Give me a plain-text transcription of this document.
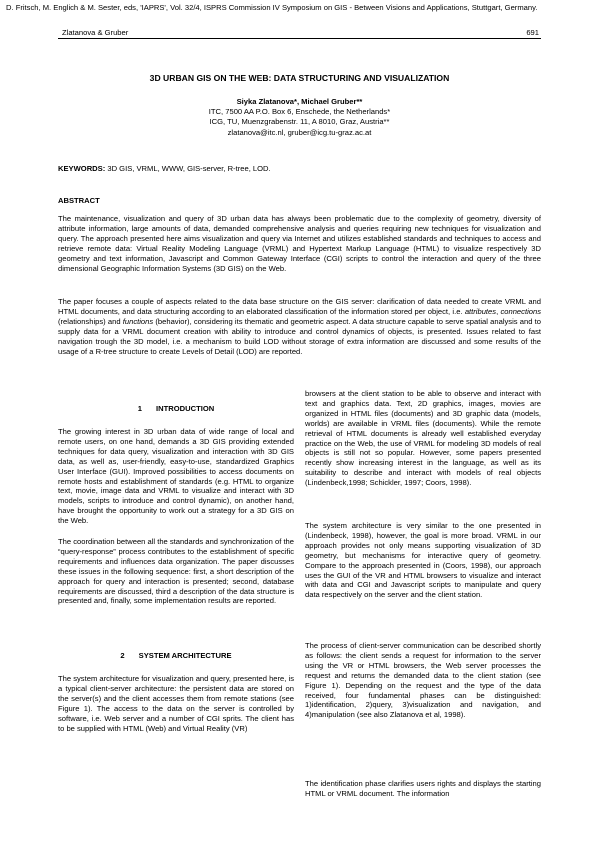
D. Fritsch, M. Englich & M. Sester, eds, 'IAPRS', Vol. 32/4, ISPRS Commission IV Symposium on GIS - Between Visions and Applications, Stuttgart, Germany.
Zlatanova & Gruber	691
3D URBAN GIS ON THE WEB: DATA STRUCTURING AND VISUALIZATION
Siyka Zlatanova*, Michael Gruber**
ITC, 7500 AA P.O. Box 6, Enschede, the Netherlands*
ICG, TU, Muenzgrabenstr. 11, A 8010, Graz, Austria**
zlatanova@itc.nl, gruber@icg.tu-graz.ac.at
KEYWORDS: 3D GIS, VRML, WWW, GIS-server, R-tree, LOD.
ABSTRACT
The maintenance, visualization and query of 3D urban data has always been problematic due to the complexity of geometry, diversity of attribute information, large amounts of data, demanded comprehensive analysis and queries requiring new techniques for visualization and query. The approach presented here aims visualization and query via Internet and utilizes established standards and techniques to access and retrieve remote data: Virtual Reality Modeling Language (VRML) and Hypertext Markup Language (HTML) to visualize respectively 3D geometry and text information, Javascript and Common Gateway Interface (CGI) scripts to control the interaction and query of the three dimensional Geographic Information Systems (3D GIS) on the Web.
The paper focuses a couple of aspects related to the data base structure on the GIS server: clarification of data needed to create VRML and HTML documents, and data structuring according to an elaborated classification of the information stored per object, i.e. attributes, connections (relationships) and functions (behavior), considering its thematic and geometric aspect. A data structure capable to serve spatial analysis and to supply data for a VRML document creation with ability to introduce and control dynamics of objects, is presented. Issues related to fast navigation trough the 3D model, i.e. a mechanism to build LOD without storage of extra information are discussed and some results of the usage of a R-tree structure to create Levels of Detail (LOD) are reported.
1 INTRODUCTION
The growing interest in 3D urban data of wide range of local and remote users, on one hand, demands a 3D GIS providing extended techniques for data query, visualization and interaction with 3D GIS data, as well as, user-friendly, easy-to-use, standardized Graphics User Interface (GUI). Improved possibilities to access documents on remote hosts and establishment of standards (e.g. HTML to organize text, movie, image data and VRML to visualize and interact with 3D models, scripts to introduce and control dynamic), on another hand, have brought the opportunity to work out a strategy for a 3D GIS on the Web.
The coordination between all the standards and synchronization of the “query-response” process contributes to the establishment of specific requirements and influences data organization. The paper discusses these issues in the following sequence: first, a short description of the approach for query and interaction is presented; second, database requirements are discussed, third a description of the data structure is presented and, finally, some implementation results are reported.
2 SYSTEM ARCHITECTURE
The system architecture for visualization and query, presented here, is a typical client-server architecture: the persistent data are stored on the server(s) and the client accesses them from remote stations (see Figure 1). The access to the data on the server is controlled by software, i.e. Web server and a number of CGI sprits. The client has to be supplied with HTML (Web) and Virtual Reality (VR)
browsers at the client station to be able to observe and interact with text and graphics data. Text, 2D graphics, images, movies are organized in HTML files (documents) and 3D graphic data (models, worlds) are available in VRML files (documents). While the remote retrieval of HTML documents is already well established everyday practice on the Web, the use of VRML for modeling 3D models of real objects is still not so popular. However, some papers presented recently show increasing interest in the language, as well as its suitability to describe and interact with models of real objects (Lindenbeck,1998; Schickler, 1997; Coors, 1998).
The system architecture is very similar to the one presented in (Lindenbeck, 1998), however, the goal is more broad. VRML in our approach provides not only means supporting visualization of 3D geometry, but mechanisms for interactive query of geometry. Compare to the approach presented in (Coors, 1998), our approach uses the GUI of the VR and HTML browsers to visualize and interact with data and CGI and Javascript scripts to manipulate and query data respectively on the server and the client station.
The process of client-server communication can be described shortly as follows: the client sends a request for information to the server using the VR or HTML browsers, the Web server processes the request and returns the demanded data to the client station (see Figure 1). Depending on the request and the type of the data received, four fundamental phases can be distinguished: 1)identification, 2)query, 3)visualization and navigation, and 4)manipulation (see also Zlatanova et al, 1998).
The identification phase clarifies users rights and displays the starting HTML or VRML document. The information
